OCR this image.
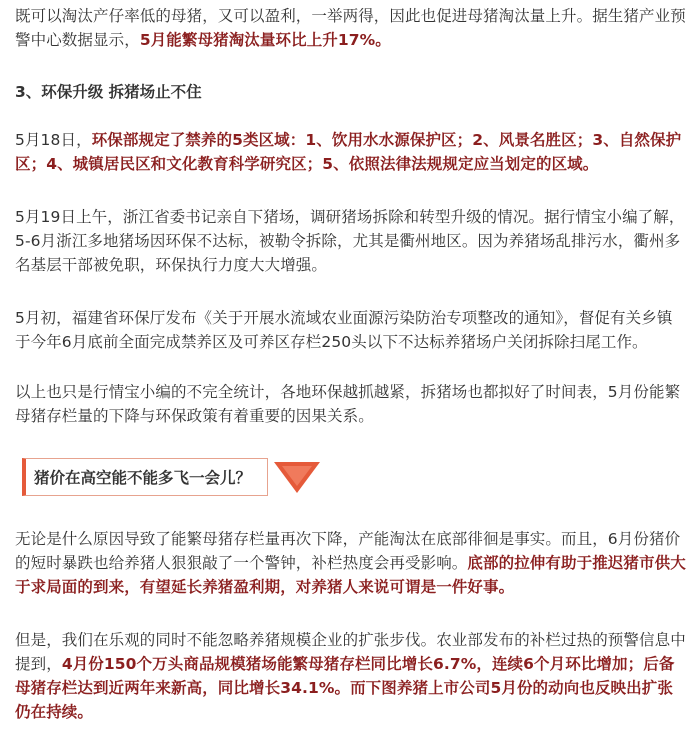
既可以淘汰产仔率低的母猪，又可以盈利，一举两得，因此也促进母猪淘汰量上升。据生猪产业预警中心数据显示，5月能繁母猪淘汰量环比上升17%。

3、环保升级 拆猪场止不住

5月18日，环保部规定了禁养的5类区域：1、饮用水水源保护区；2、风景名胜区；3、自然保护区；4、城镇居民区和文化教育科学研究区；5、依照法律法规规定应当划定的区域。

5月19日上午，浙江省委书记亲自下猪场，调研猪场拆除和转型升级的情况。据行情宝小编了解，5-6月浙江多地猪场因环保不达标，被勒令拆除，尤其是衢州地区。因为养猪场乱排污水，衢州多名基层干部被免职，环保执行力度大大增强。

5月初，福建省环保厅发布《关于开展水流域农业面源污染防治专项整改的通知》，督促有关乡镇于今年6月底前全面完成禁养区及可养区存栏250头以下不达标养猪场户关闭拆除扫尾工作。

以上也只是行情宝小编的不完全统计，各地环保越抓越紧，拆猪场也都拟好了时间表，5月份能繁母猪存栏量的下降与环保政策有着重要的因果关系。

猪价在高空能不能多飞一会儿？

无论是什么原因导致了能繁母猪存栏量再次下降，产能淘汰在底部徘徊是事实。而且，6月份猪价的短时暴跌也给养猪人狠狠敲了一个警钟，补栏热度会再受影响。底部的拉伸有助于推迟猪市供大于求局面的到来，有望延长养猪盈利期，对养猪人来说可谓是一件好事。

但是，我们在乐观的同时不能忽略养猪规模企业的扩张步伐。农业部发布的补栏过热的预警信息中提到，4月份150个万头商品规模猪场能繁母猪存栏同比增长6.7%，连续6个月环比增加；后备母猪存栏达到近两年来新高，同比增长34.1%。而下图养猪上市公司5月份的动向也反映出扩张仍在持续。
